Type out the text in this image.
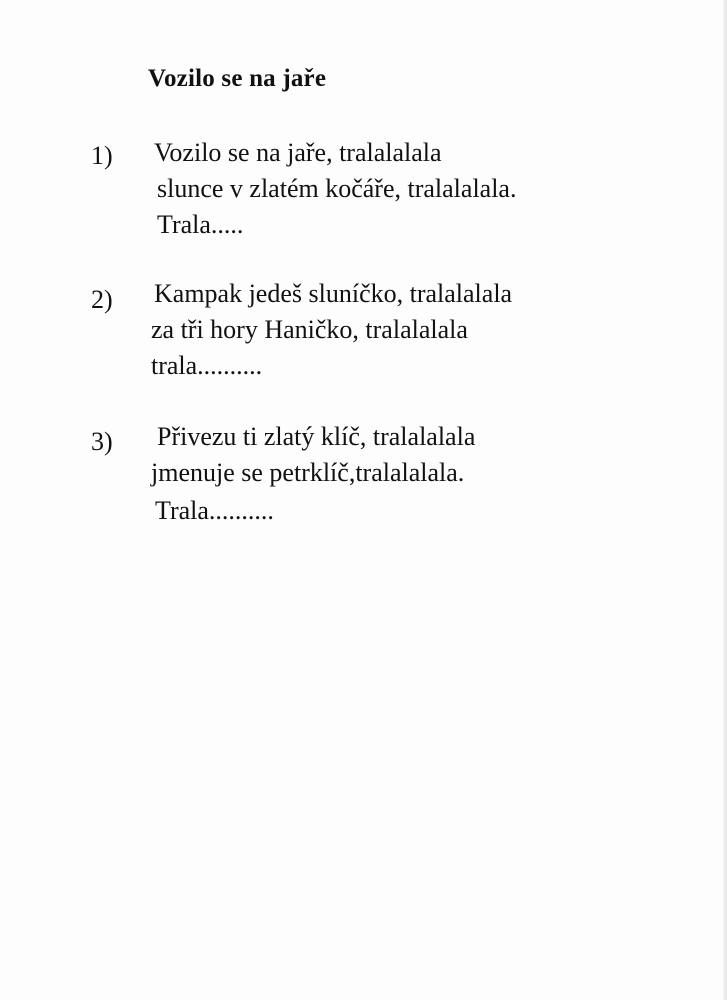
Vozilo se na jaře
1) Vozilo se na jaře, tralalalala
slunce v zlatém kočáře, tralalalala.
Trala.....
2) Kampak jedeš sluníčko, tralalalala
za tři hory Haničko, tralalalala
trala..........
3) Přivezu ti zlatý klíč, tralalalala
jmenuje se petrklíč,tralalalala.
Trala..........
